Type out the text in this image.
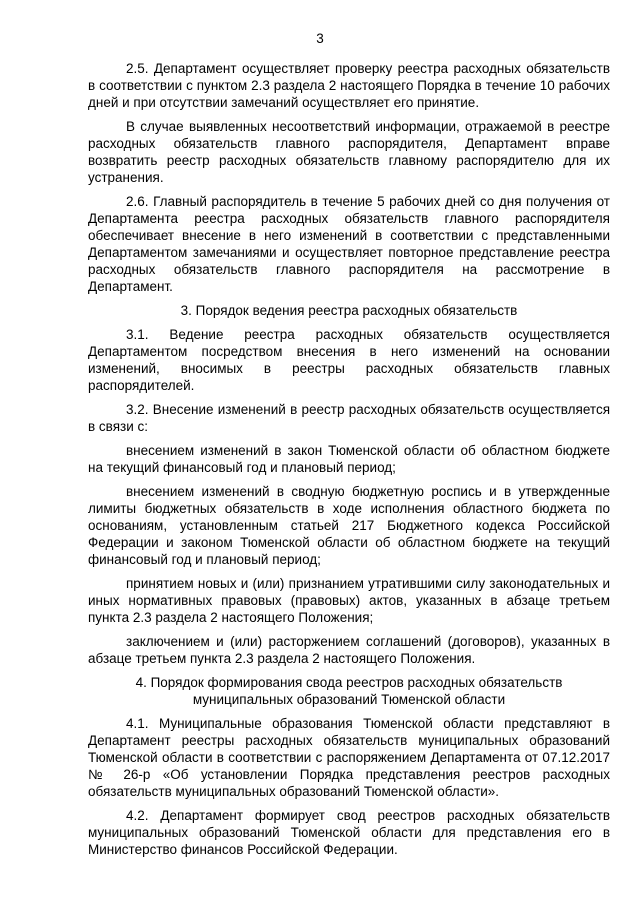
3

2.5. Департамент осуществляет проверку реестра расходных обязательств в соответствии с пунктом 2.3 раздела 2 настоящего Порядка в течение 10 рабочих дней и при отсутствии замечаний осуществляет его принятие.

В случае выявленных несоответствий информации, отражаемой в реестре расходных обязательств главного распорядителя, Департамент вправе возвратить реестр расходных обязательств главному распорядителю для их устранения.

2.6. Главный распорядитель в течение 5 рабочих дней со дня получения от Департамента реестра расходных обязательств главного распорядителя обеспечивает внесение в него изменений в соответствии с представленными Департаментом замечаниями и осуществляет повторное представление реестра расходных обязательств главного распорядителя на рассмотрение в Департамент.

3. Порядок ведения реестра расходных обязательств

3.1. Ведение реестра расходных обязательств осуществляется Департаментом посредством внесения в него изменений на основании изменений, вносимых в реестры расходных обязательств главных распорядителей.

3.2. Внесение изменений в реестр расходных обязательств осуществляется в связи с:

внесением изменений в закон Тюменской области об областном бюджете на текущий финансовый год и плановый период;

внесением изменений в сводную бюджетную роспись и в утвержденные лимиты бюджетных обязательств в ходе исполнения областного бюджета по основаниям, установленным статьей 217 Бюджетного кодекса Российской Федерации и законом Тюменской области об областном бюджете на текущий финансовый год и плановый период;

принятием новых и (или) признанием утратившими силу законодательных и иных нормативных правовых (правовых) актов, указанных в абзаце третьем пункта 2.3 раздела 2 настоящего Положения;

заключением и (или) расторжением соглашений (договоров), указанных в абзаце третьем пункта 2.3 раздела 2 настоящего Положения.

4. Порядок формирования свода реестров расходных обязательств муниципальных образований Тюменской области

4.1. Муниципальные образования Тюменской области представляют в Департамент реестры расходных обязательств муниципальных образований Тюменской области в соответствии с распоряжением Департамента от 07.12.2017 № 26-р «Об установлении Порядка представления реестров расходных обязательств муниципальных образований Тюменской области».

4.2. Департамент формирует свод реестров расходных обязательств муниципальных образований Тюменской области для представления его в Министерство финансов Российской Федерации.
